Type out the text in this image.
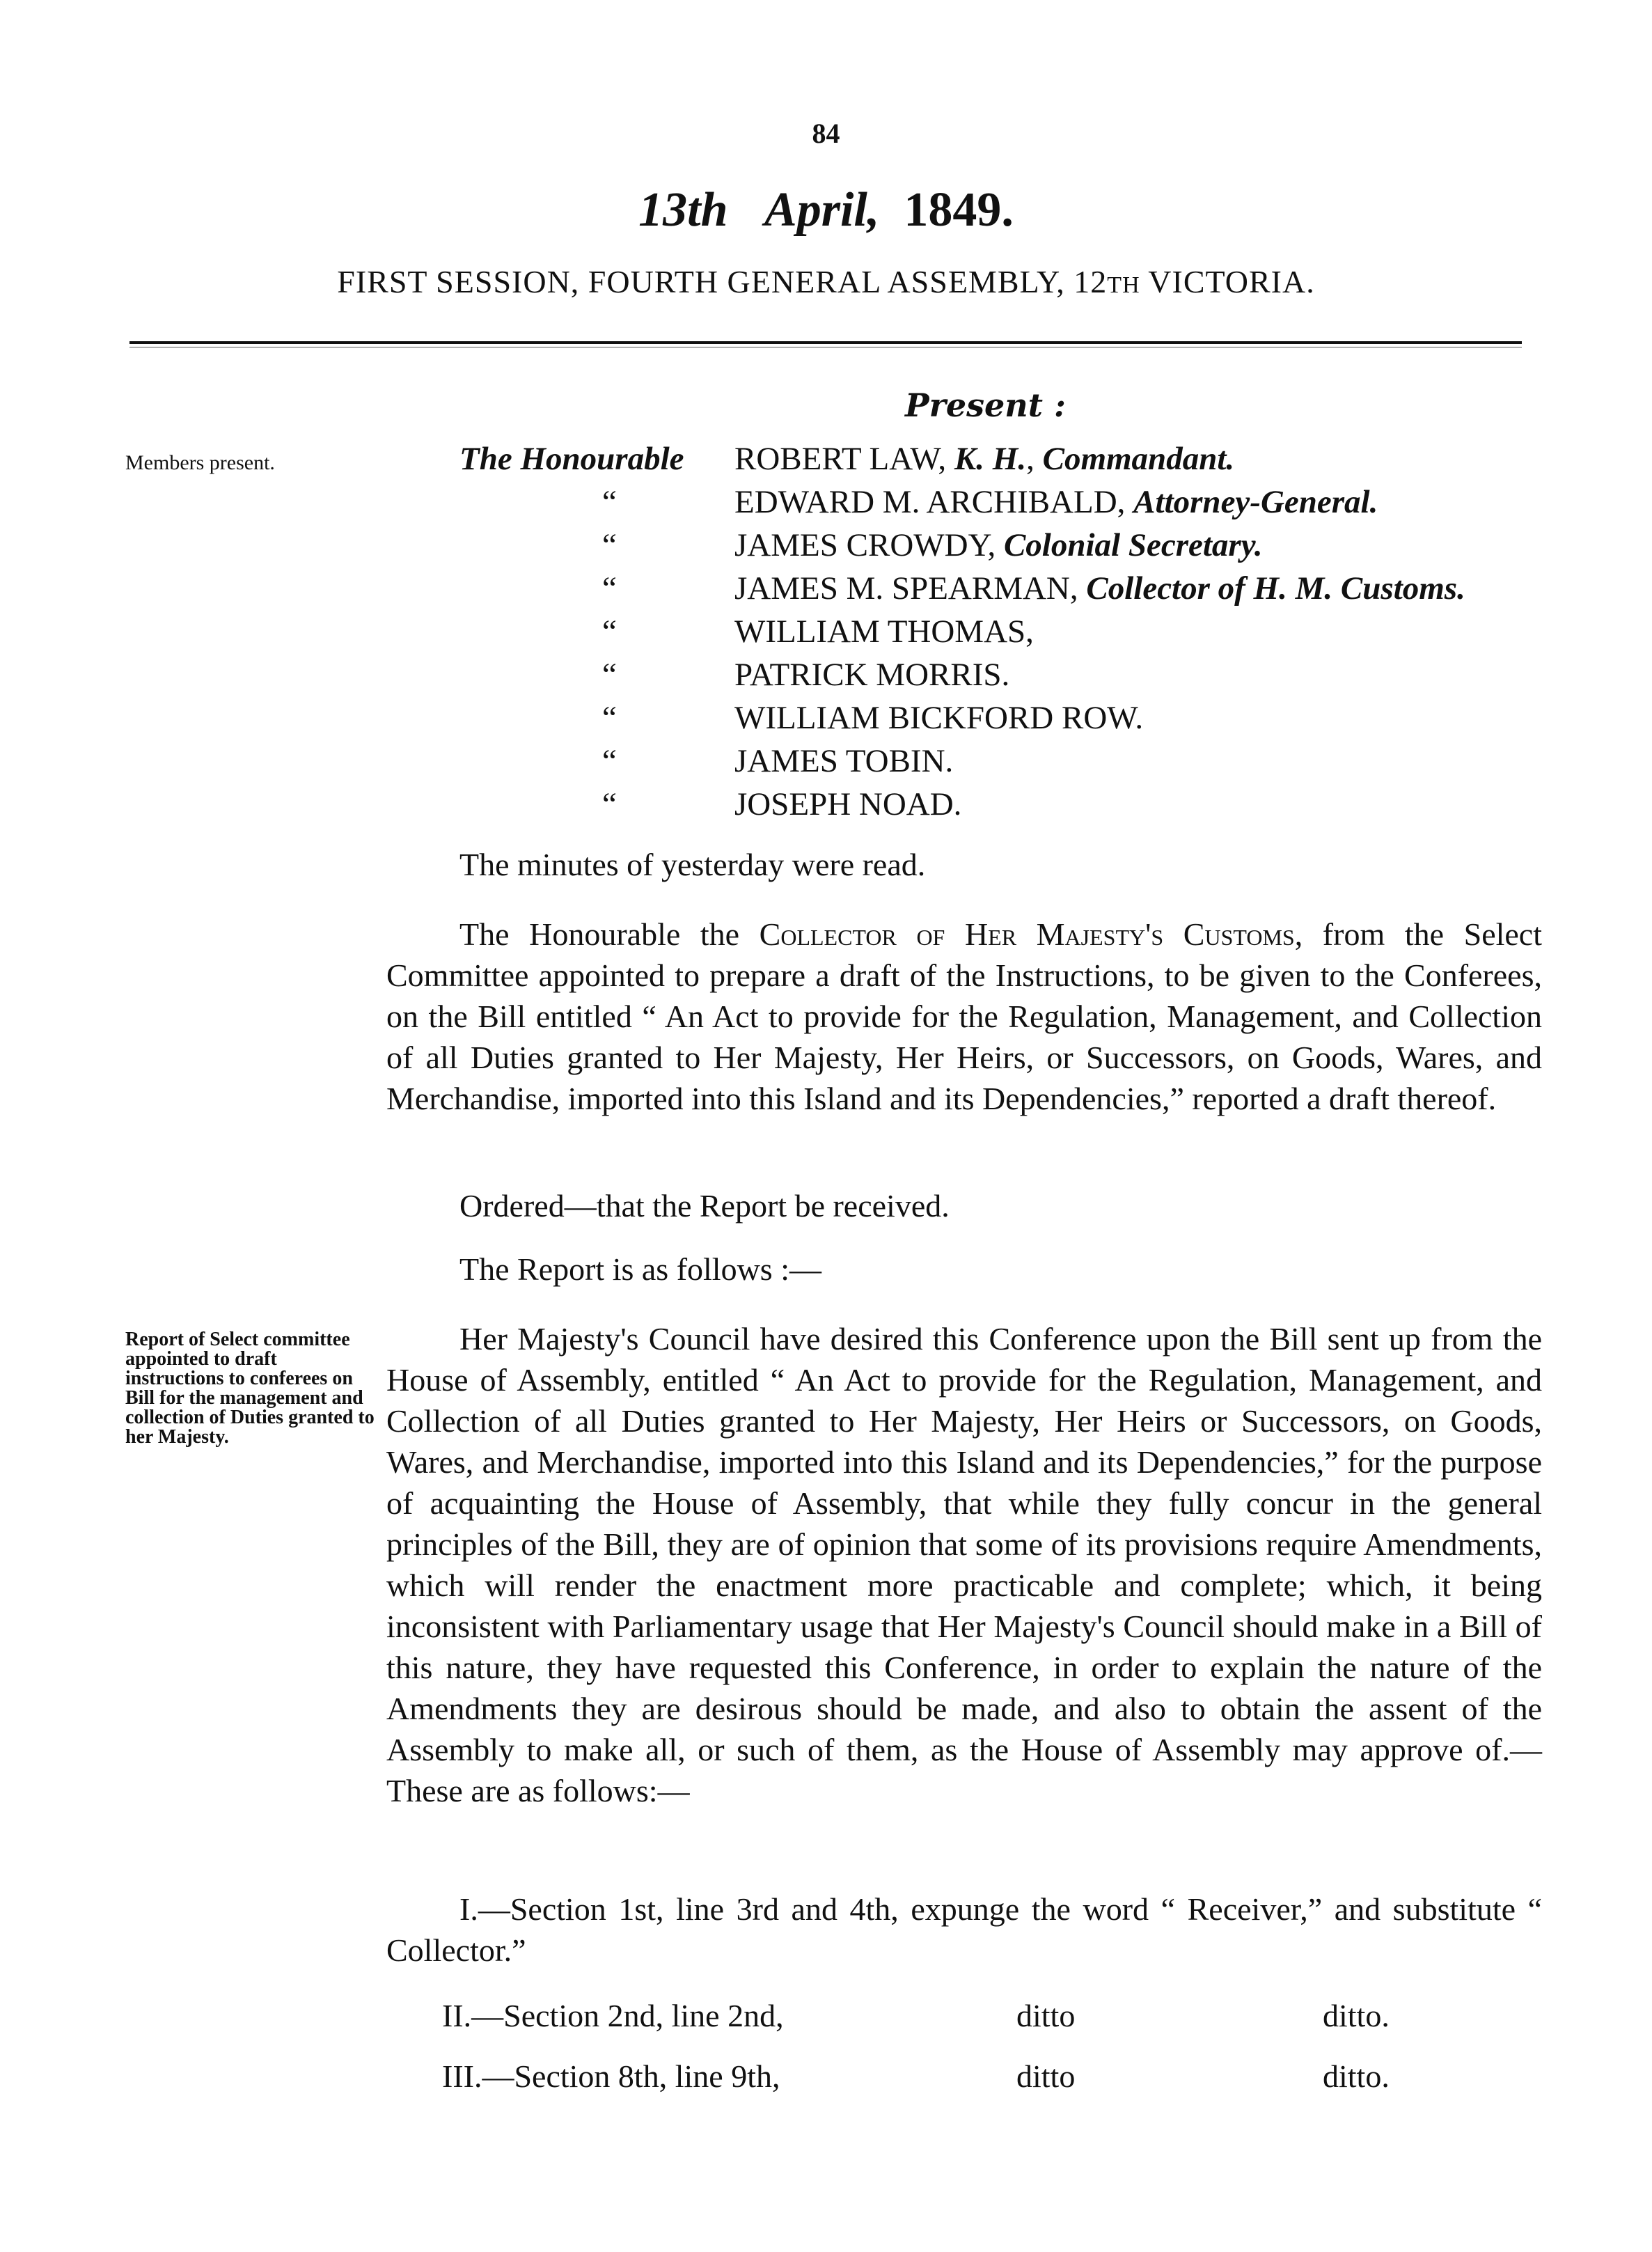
84
13th April, 1849.
FIRST SESSION, FOURTH GENERAL ASSEMBLY, 12TH VICTORIA.
Present :
Members present.	The Honourable ROBERT LAW, K. H., Commandant.
“	EDWARD M. ARCHIBALD, Attorney-General.
“	JAMES CROWDY, Colonial Secretary.
“	JAMES M. SPEARMAN, Collector of H. M. Customs.
“	WILLIAM THOMAS,
“	PATRICK MORRIS.
“	WILLIAM BICKFORD ROW.
“	JAMES TOBIN.
“	JOSEPH NOAD.
The minutes of yesterday were read.
The Honourable the Collector of Her Majesty's Customs, from the Select Committee appointed to prepare a draft of the Instructions, to be given to the Conferees, on the Bill entitled “ An Act to provide for the Regulation, Management, and Collection of all Duties granted to Her Majesty, Her Heirs, or Successors, on Goods, Wares, and Merchandise, imported into this Island and its Dependencies,” reported a draft thereof.
Ordered—that the Report be received.
The Report is as follows :—
Report of Select committee appointed to draft instructions to conferees on Bill for the management and collection of Duties granted to her Majesty.
Her Majesty's Council have desired this Conference upon the Bill sent up from the House of Assembly, entitled “ An Act to provide for the Regulation, Management, and Collection of all Duties granted to Her Majesty, Her Heirs or Successors, on Goods, Wares, and Merchandise, imported into this Island and its Dependencies,” for the purpose of acquainting the House of Assembly, that while they fully concur in the general principles of the Bill, they are of opinion that some of its provisions require Amendments, which will render the enactment more practicable and complete; which, it being inconsistent with Parliamentary usage that Her Majesty's Council should make in a Bill of this nature, they have requested this Conference, in order to explain the nature of the Amendments they are desirous should be made, and also to obtain the assent of the Assembly to make all, or such of them, as the House of Assembly may approve of.—These are as follows:—
I.—Section 1st, line 3rd and 4th, expunge the word “ Receiver,” and substitute “ Collector.”
II.—Section 2nd, line 2nd,	ditto	ditto.
III.—Section 8th, line 9th,	ditto	ditto.
